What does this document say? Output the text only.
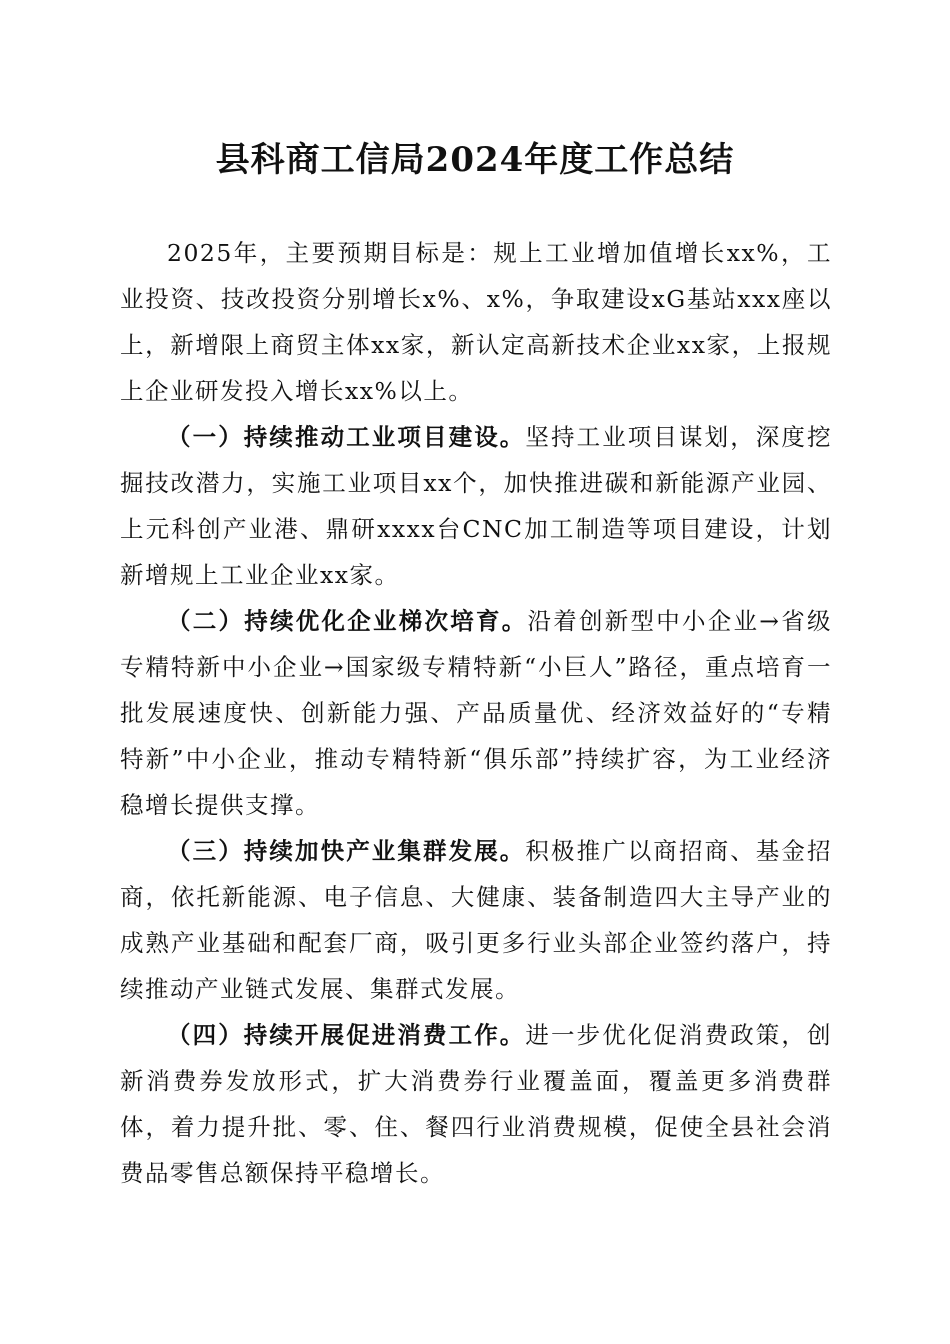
县科商工信局2024年度工作总结

2025年，主要预期目标是：规上工业增加值增长xx%，工业投资、技改投资分别增长x%、x%，争取建设xG基站xxx座以上，新增限上商贸主体xx家，新认定高新技术企业xx家，上报规上企业研发投入增长xx%以上。

（一）持续推动工业项目建设。坚持工业项目谋划，深度挖掘技改潜力，实施工业项目xx个，加快推进碳和新能源产业园、上元科创产业港、鼎研xxxx台CNC加工制造等项目建设，计划新增规上工业企业xx家。

（二）持续优化企业梯次培育。沿着创新型中小企业→省级专精特新中小企业→国家级专精特新“小巨人”路径，重点培育一批发展速度快、创新能力强、产品质量优、经济效益好的“专精特新”中小企业，推动专精特新“俱乐部”持续扩容，为工业经济稳增长提供支撑。

（三）持续加快产业集群发展。积极推广以商招商、基金招商，依托新能源、电子信息、大健康、装备制造四大主导产业的成熟产业基础和配套厂商，吸引更多行业头部企业签约落户，持续推动产业链式发展、集群式发展。

（四）持续开展促进消费工作。进一步优化促消费政策，创新消费券发放形式，扩大消费券行业覆盖面，覆盖更多消费群体，着力提升批、零、住、餐四行业消费规模，促使全县社会消费品零售总额保持平稳增长。
